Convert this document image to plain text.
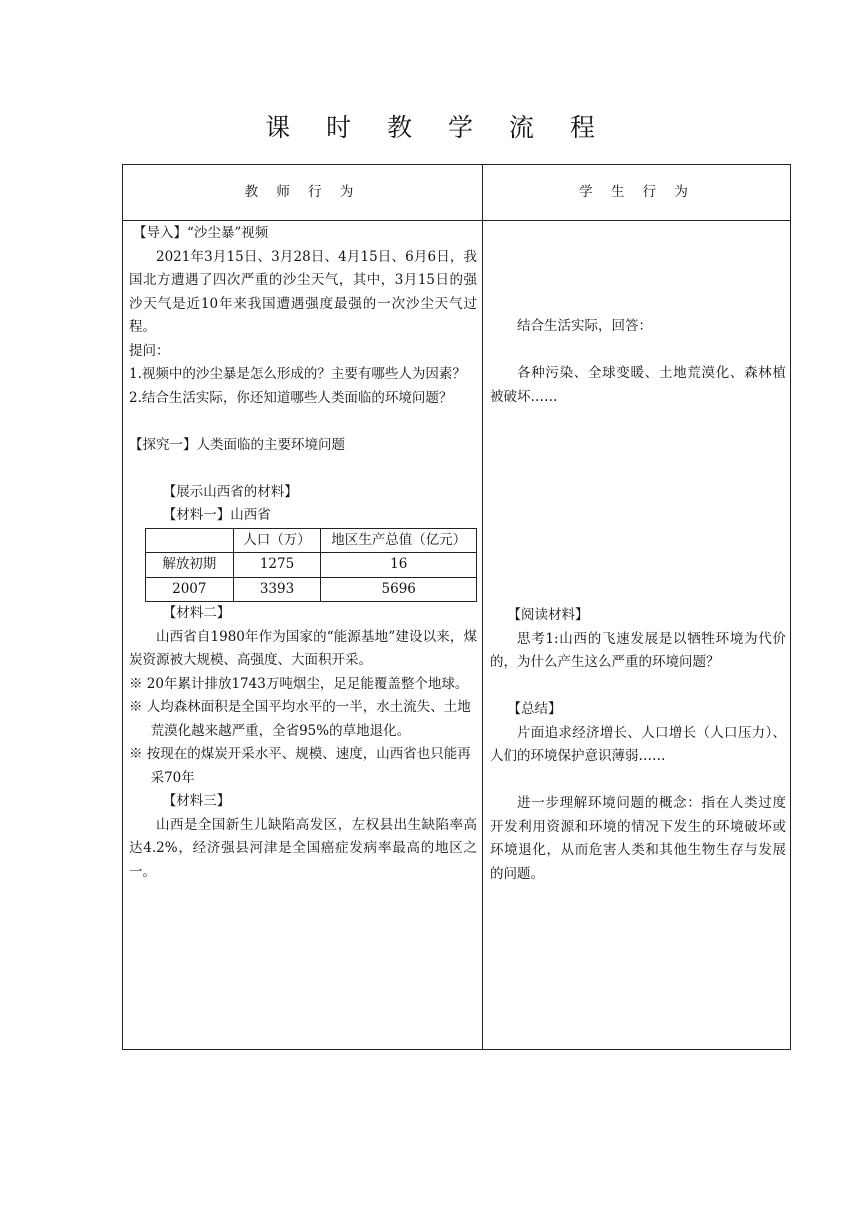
课 时 教 学 流 程
教 师 行 为	学 生 行 为

【导入】“沙尘暴”视频

2021年3月15日、3月28日、4月15日、6月6日，我国北方遭遇了四次严重的沙尘天气，其中，3月15日的强沙天气是近10年来我国遭遇强度最强的一次沙尘天气过程。

提问：

1.视频中的沙尘暴是怎么形成的？主要有哪些人为因素？

2.结合生活实际，你还知道哪些人类面临的环境问题？

【探究一】人类面临的主要环境问题

【展示山西省的材料】

【材料一】山西省

	人口（万）	地区生产总值（亿元）
解放初期	1275	16
2007	3393	5696

【材料二】

山西省自1980年作为国家的“能源基地”建设以来，煤炭资源被大规模、高强度、大面积开采。

※ 20年累计排放1743万吨烟尘，足足能覆盖整个地球。

※ 人均森林面积是全国平均水平的一半，水土流失、土地荒漠化越来越严重，全省95%的草地退化。

※ 按现在的煤炭开采水平、规模、速度，山西省也只能再采70年

【材料三】

山西是全国新生儿缺陷高发区，左权县出生缺陷率高达4.2%，经济强县河津是全国癌症发病率最高的地区之一。

结合生活实际，回答：

各种污染、全球变暖、土地荒漠化、森林植被破坏……

【阅读材料】

思考1:山西的飞速发展是以牺牲环境为代价的，为什么产生这么严重的环境问题？

【总结】

片面追求经济增长、人口增长（人口压力）、人们的环境保护意识薄弱……

进一步理解环境问题的概念：指在人类过度开发利用资源和环境的情况下发生的环境破坏或环境退化，从而危害人类和其他生物生存与发展的问题。
